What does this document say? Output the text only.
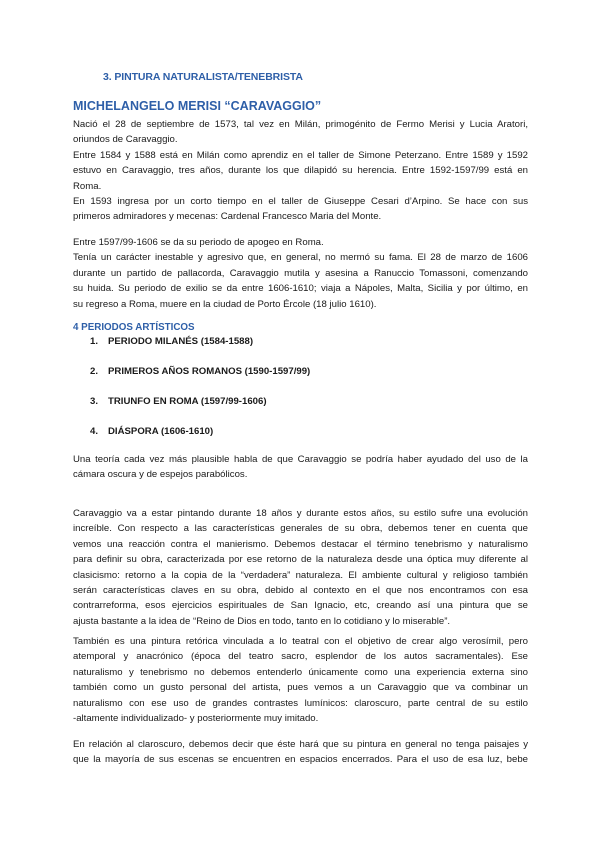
3. PINTURA NATURALISTA/TENEBRISTA
MICHELANGELO MERISI “CARAVAGGIO”
Nació el 28 de septiembre de 1573, tal vez en Milán, primogénito de Fermo Merisi y Lucia Aratori,
oriundos de Caravaggio.
Entre 1584 y 1588 está en Milán como aprendiz en el taller de Simone Peterzano. Entre 1589 y 1592
estuvo en Caravaggio, tres años, durante los que dilapidó su herencia. Entre 1592-1597/99 está en
Roma.
En 1593 ingresa por un corto tiempo en el taller de Giuseppe Cesari d’Arpino. Se hace con sus
primeros admiradores y mecenas: Cardenal Francesco Maria del Monte.
Entre 1597/99-1606 se da su periodo de apogeo en Roma.
Tenía un carácter inestable y agresivo que, en general, no mermó su fama. El 28 de marzo de 1606
durante un partido de pallacorda, Caravaggio mutila y asesina a Ranuccio Tomassoni, comenzando
su huida. Su periodo de exilio se da entre 1606-1610; viaja a Nápoles, Malta, Sicilia y por último, en
su regreso a Roma, muere en la ciudad de Porto Ércole (18 julio 1610).
4 PERIODOS ARTÍSTICOS
1.	PERIODO MILANÉS (1584-1588)
2.	PRIMEROS AÑOS ROMANOS (1590-1597/99)
3.	TRIUNFO EN ROMA (1597/99-1606)
4.	DIÁSPORA (1606-1610)
Una teoría cada vez más plausible habla de que Caravaggio se podría haber ayudado del uso de la
cámara oscura y de espejos parabólicos.
Caravaggio va a estar pintando durante 18 años y durante estos años, su estilo sufre una evolución
increíble. Con respecto a las características generales de su obra, debemos tener en cuenta que
vemos una reacción contra el manierismo. Debemos destacar el término tenebrismo y naturalismo
para definir su obra, caracterizada por ese retorno de la naturaleza desde una óptica muy diferente al
clasicismo: retorno a la copia de la “verdadera” naturaleza. El ambiente cultural y religioso también
serán características claves en su obra, debido al contexto en el que nos encontramos con esa
contrarreforma, esos ejercicios espirituales de San Ignacio, etc, creando así una pintura que se
ajusta bastante a la idea de “Reino de Dios en todo, tanto en lo cotidiano y lo miserable”.
También es una pintura retórica vinculada a lo teatral con el objetivo de crear algo verosímil, pero
atemporal y anacrónico (época del teatro sacro, esplendor de los autos sacramentales). Ese
naturalismo y tenebrismo no debemos entenderlo únicamente como una experiencia externa sino
también como un gusto personal del artista, pues vemos a un Caravaggio que va combinar un
naturalismo con ese uso de grandes contrastes lumínicos: claroscuro, parte central de su estilo
-altamente individualizado- y posteriormente muy imitado.
En relación al claroscuro, debemos decir que éste hará que su pintura en general no tenga paisajes y
que la mayoría de sus escenas se encuentren en espacios encerrados. Para el uso de esa luz, bebe
